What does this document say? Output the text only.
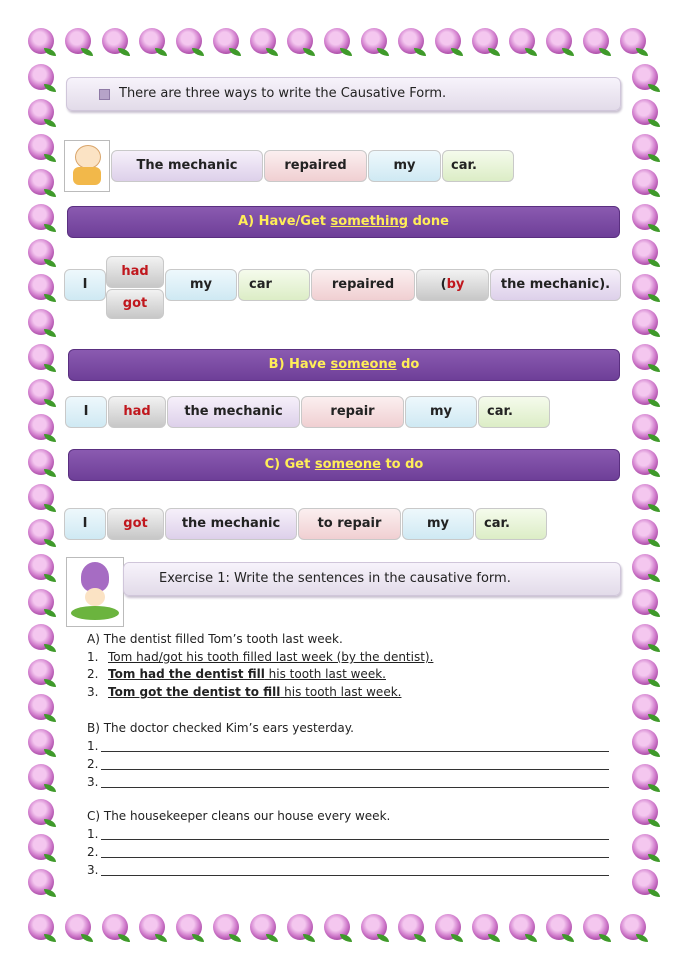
There are three ways to write the Causative Form.
The mechanic	repaired	my	car.
A) Have/Get something done
I
had
got
my	car	repaired	(by	the mechanic).
B) Have someone do
I	had	the mechanic	repair	my	car.
C) Get someone to do
I	got	the mechanic	to repair	my	car.
Exercise 1: Write the sentences in the causative form.
A) The dentist filled Tom’s tooth last week.
1. Tom had/got his tooth filled last week (by the dentist).
2. Tom had the dentist fill his tooth last week.
3. Tom got the dentist to fill his tooth last week.
B) The doctor checked Kim’s ears yesterday.
1.
2.
3.
C) The housekeeper cleans our house every week.
1.
2.
3.
